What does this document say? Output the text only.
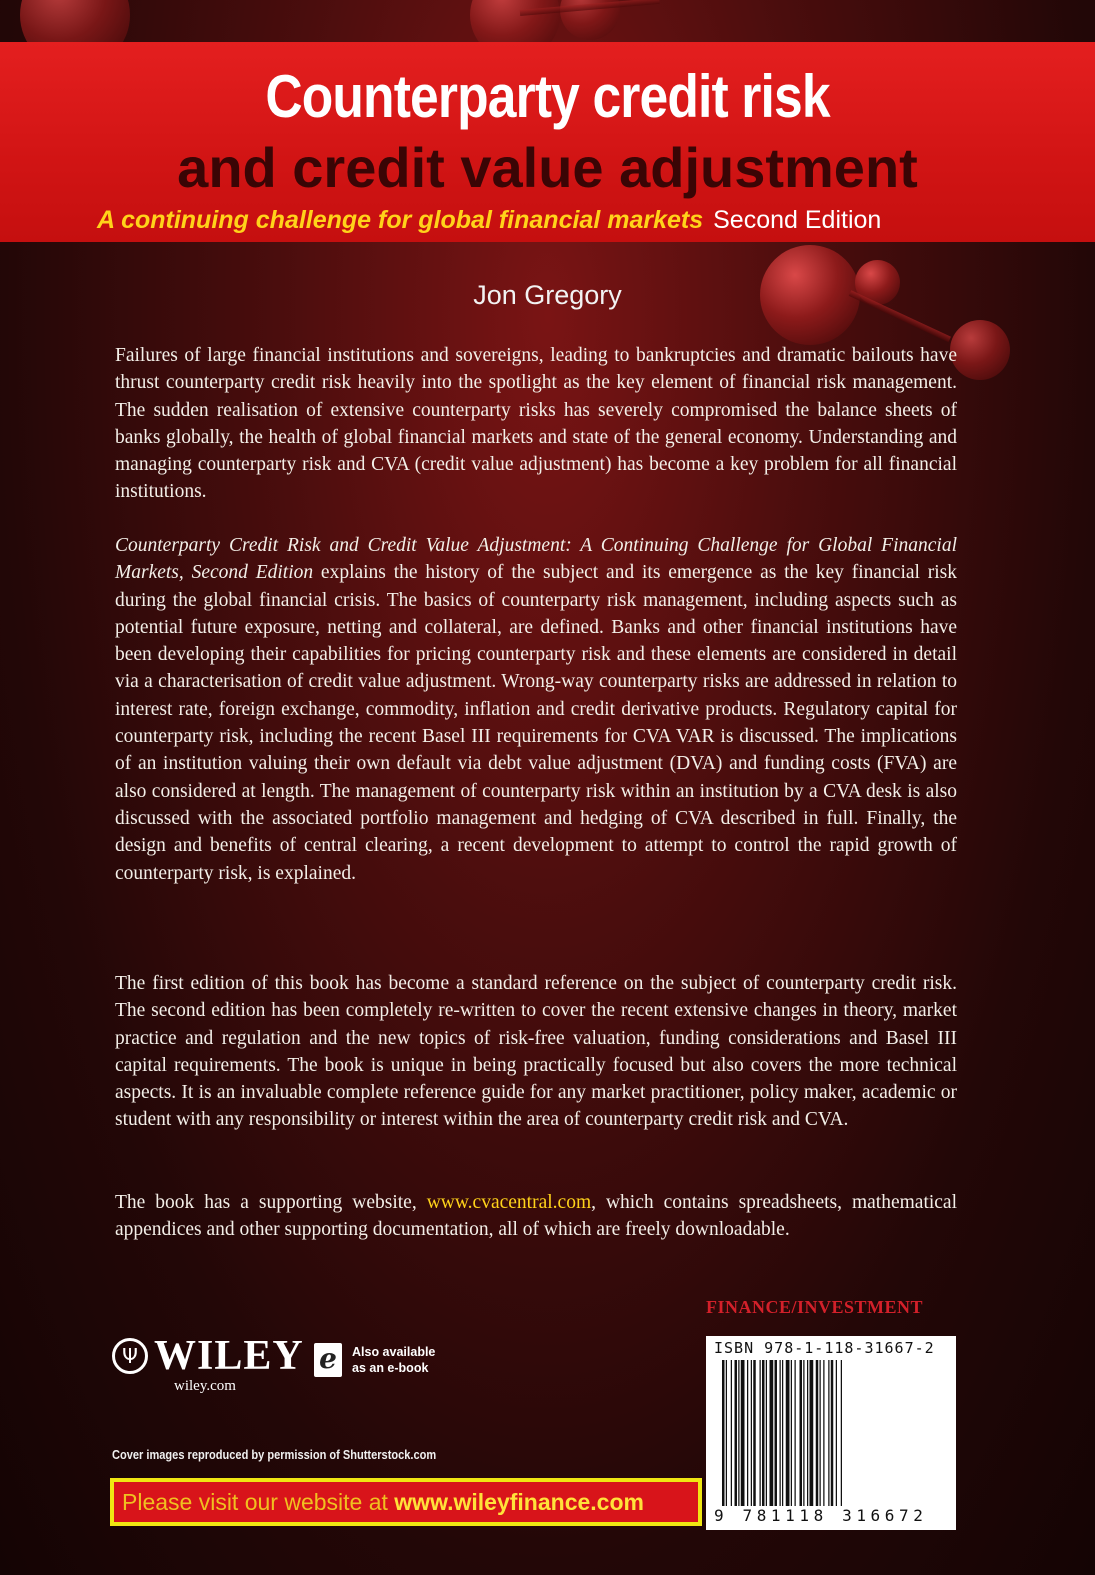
Counterparty credit risk
and credit value adjustment
A continuing challenge for global financial markets Second Edition
Jon Gregory

Failures of large financial institutions and sovereigns, leading to bankruptcies and dramatic bailouts have thrust counterparty credit risk heavily into the spotlight as the key element of financial risk management. The sudden realisation of extensive counterparty risks has severely compromised the balance sheets of banks globally, the health of global financial markets and state of the general economy. Understanding and managing counterparty risk and CVA (credit value adjustment) has become a key problem for all financial institutions.

Counterparty Credit Risk and Credit Value Adjustment: A Continuing Challenge for Global Financial Markets, Second Edition explains the history of the subject and its emergence as the key financial risk during the global financial crisis. The basics of counterparty risk management, including aspects such as potential future exposure, netting and collateral, are defined. Banks and other financial institutions have been developing their capabilities for pricing counterparty risk and these elements are considered in detail via a characterisation of credit value adjustment. Wrong-way counterparty risks are addressed in relation to interest rate, foreign exchange, commodity, inflation and credit derivative products. Regulatory capital for counterparty risk, including the recent Basel III requirements for CVA VAR is discussed. The implications of an institution valuing their own default via debt value adjustment (DVA) and funding costs (FVA) are also considered at length. The management of counterparty risk within an institution by a CVA desk is also discussed with the associated portfolio management and hedging of CVA described in full. Finally, the design and benefits of central clearing, a recent development to attempt to control the rapid growth of counterparty risk, is explained.

The first edition of this book has become a standard reference on the subject of counterparty credit risk. The second edition has been completely re-written to cover the recent extensive changes in theory, market practice and regulation and the new topics of risk-free valuation, funding considerations and Basel III capital requirements. The book is unique in being practically focused but also covers the more technical aspects. It is an invaluable complete reference guide for any market practitioner, policy maker, academic or student with any responsibility or interest within the area of counterparty credit risk and CVA.

The book has a supporting website, www.cvacentral.com, which contains spreadsheets, mathematical appendices and other supporting documentation, all of which are freely downloadable.

FINANCE/INVESTMENT
Ψ WILEY
wiley.com
e	Also available
as an e-book
Cover images reproduced by permission of Shutterstock.com
Please visit our website at www.wileyfinance.com
ISBN 978-1-118-31667-2
9 781118 316672
